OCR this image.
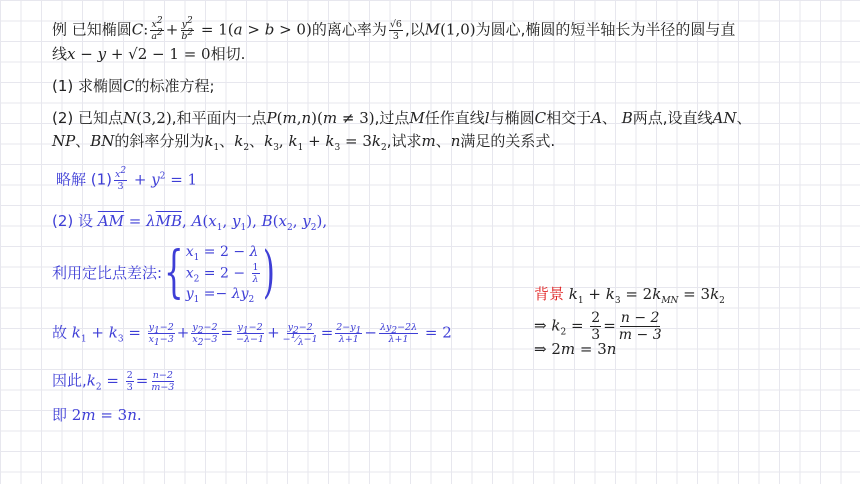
例 已知椭圆C: $\frac{x^2}{a^2} + \frac{y^2}{b^2} = 1(a > b > 0)$的离心率为 $\frac{√6}{3}$ ,以M(1,0)为圆心,椭圆的短半轴长为半径的圆与直
线x − y + √2 − 1 = 0相切.
(1) 求椭圆C的标准方程;
(2) 已知点N(3,2),和平面内一点P(m,n)(m ≠ 3),过点M任作直线l与椭圆C相交于A、 B两点,设直线AN、
NP、BN的斜率分别为$k_1$、$k_2$、$k_3$, $k_1 + k_3 = 3k_2$,试求m、n满足的关系式.
略解 $(1) \frac{x^2}{3} + y^2 = 1$
(2) 设 $\overline{AM} = \lambda\overline{MB}$, $A(x_1$, $y_1$), $B(x_2$, $y_2$),
利用定比点差法: { $x_1 = 2 - \lambda$
$x_2 = 2 - \frac{1}{\lambda}$
$y_1 =- \lambda y_2$ )
故 $k_1 + k_3 = \frac{y_1-2}{x_1-3} + \frac{y_2-2}{x_2-3} = \frac{y_1-2}{-\lambda-1} + \frac{y_2-2}{-^1⁄_\lambda-1} = \frac{2-y_1}{\lambda+1} - \frac{\lambda y_2-2\lambda}{\lambda+1} = 2$
因此$,k_2 = \frac{2}{3} = \frac{n-2}{m-3}$
即 2m = 3n.
背景 $k_1 + k_3 = 2k_{MN} = 3k_2$
⇒ $k_2 = \frac{2}{3} = \frac{n - 2}{m - 3}$
⇒ 2m = 3n
